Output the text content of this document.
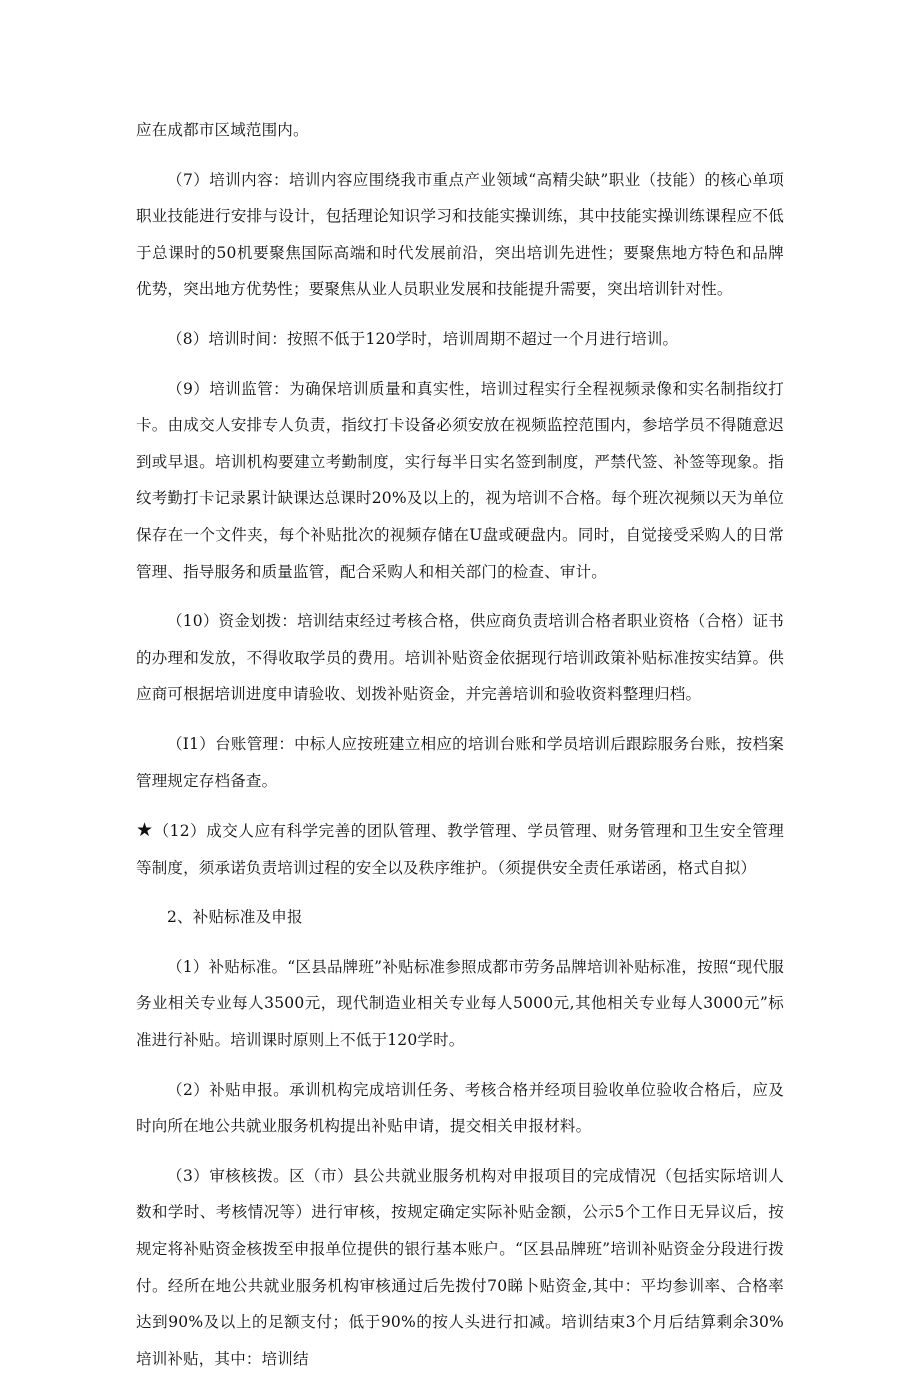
应在成都市区域范围内。

（7）培训内容：培训内容应围绕我市重点产业领域“高精尖缺”职业（技能）的核心单项职业技能进行安排与设计，包括理论知识学习和技能实操训练，其中技能实操训练课程应不低于总课时的50机要聚焦国际高端和时代发展前沿，突出培训先进性；要聚焦地方特色和品牌优势，突出地方优势性；要聚焦从业人员职业发展和技能提升需要，突出培训针对性。

（8）培训时间：按照不低于120学时，培训周期不超过一个月进行培训。

（9）培训监管：为确保培训质量和真实性，培训过程实行全程视频录像和实名制指纹打卡。由成交人安排专人负责，指纹打卡设备必须安放在视频监控范围内，参培学员不得随意迟到或早退。培训机构要建立考勤制度，实行每半日实名签到制度，严禁代签、补签等现象。指纹考勤打卡记录累计缺课达总课时20%及以上的，视为培训不合格。每个班次视频以天为单位保存在一个文件夹，每个补贴批次的视频存储在U盘或硬盘内。同时，自觉接受采购人的日常管理、指导服务和质量监管，配合采购人和相关部门的检查、审计。

（10）资金划拨：培训结束经过考核合格，供应商负责培训合格者职业资格（合格）证书的办理和发放，不得收取学员的费用。培训补贴资金依据现行培训政策补贴标准按实结算。供应商可根据培训进度申请验收、划拨补贴资金，并完善培训和验收资料整理归档。

（I1）台账管理：中标人应按班建立相应的培训台账和学员培训后跟踪服务台账，按档案管理规定存档备查。

★（12）成交人应有科学完善的团队管理、教学管理、学员管理、财务管理和卫生安全管理等制度，须承诺负责培训过程的安全以及秩序维护。（须提供安全责任承诺函，格式自拟）

2、补贴标准及申报

（1）补贴标准。“区县品牌班”补贴标准参照成都市劳务品牌培训补贴标准，按照“现代服务业相关专业每人3500元，现代制造业相关专业每人5000元,其他相关专业每人3000元”标准进行补贴。培训课时原则上不低于120学时。

（2）补贴申报。承训机构完成培训任务、考核合格并经项目验收单位验收合格后，应及时向所在地公共就业服务机构提出补贴申请，提交相关申报材料。

（3）审核核拨。区（市）县公共就业服务机构对申报项目的完成情况（包括实际培训人数和学时、考核情况等）进行审核，按规定确定实际补贴金额，公示5个工作日无异议后，按规定将补贴资金核拨至申报单位提供的银行基本账户。“区县品牌班”培训补贴资金分段进行拨付。经所在地公共就业服务机构审核通过后先拨付70睇卜贴资金,其中：平均参训率、合格率达到90%及以上的足额支付；低于90%的按人头进行扣减。培训结束3个月后结算剩余30%培训补贴，其中：培训结
